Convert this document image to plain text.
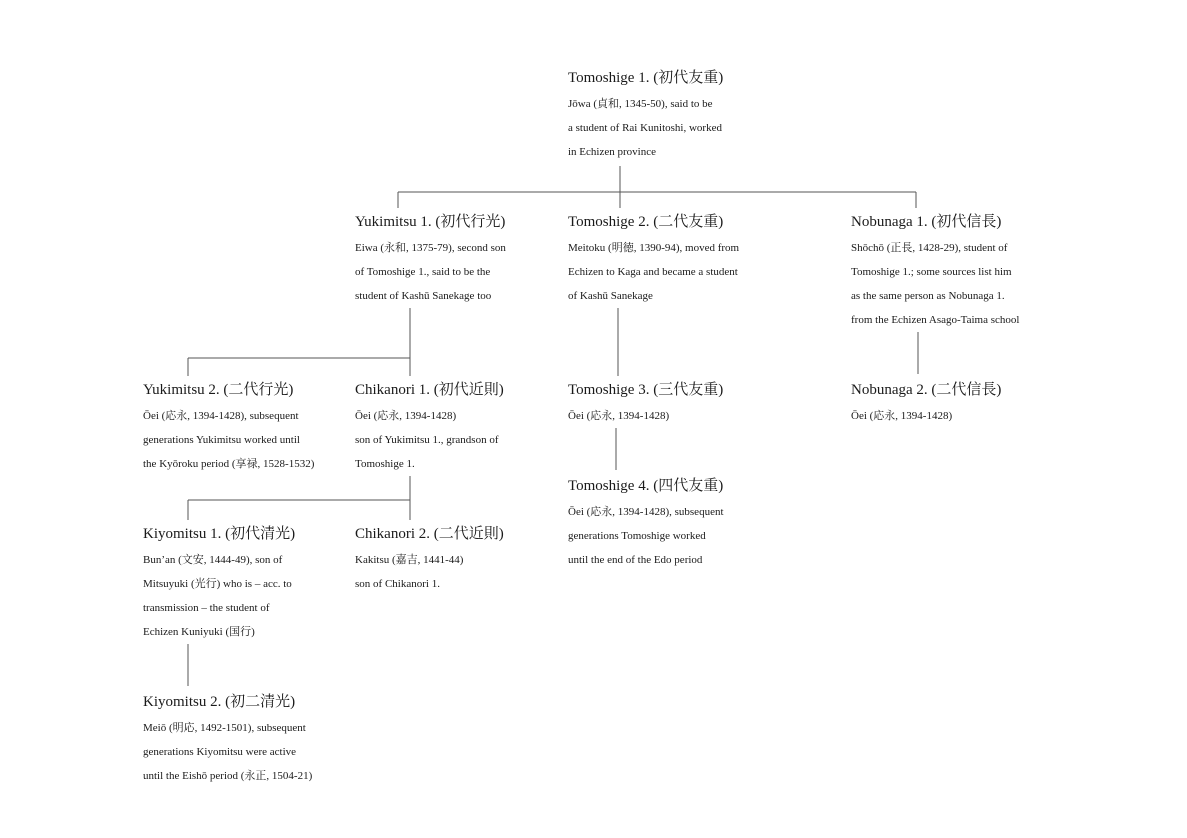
Tomoshige 1. (初代友重)
Jōwa (貞和, 1345-50), said to be
a student of Rai Kunitoshi, worked
in Echizen province
Yukimitsu 1. (初代行光)
Eiwa (永和, 1375-79), second son
of Tomoshige 1., said to be the
student of Kashū Sanekage too
Tomoshige 2. (二代友重)
Meitoku (明徳, 1390-94), moved from
Echizen to Kaga and became a student
of Kashū Sanekage
Nobunaga 1. (初代信長)
Shōchō (正長, 1428-29), student of
Tomoshige 1.; some sources list him
as the same person as Nobunaga 1.
from the Echizen Asago-Taima school
Yukimitsu 2. (二代行光)
Ōei (応永, 1394-1428), subsequent
generations Yukimitsu worked until
the Kyōroku period (享禄, 1528-1532)
Chikanori 1. (初代近則)
Ōei (応永, 1394-1428)
son of Yukimitsu 1., grandson of
Tomoshige 1.
Tomoshige 3. (三代友重)
Ōei (応永, 1394-1428)
Nobunaga 2. (二代信長)
Ōei (応永, 1394-1428)
Tomoshige 4. (四代友重)
Ōei (応永, 1394-1428), subsequent
generations Tomoshige worked
until the end of the Edo period
Kiyomitsu 1. (初代清光)
Bun’an (文安, 1444-49), son of
Mitsuyuki (光行) who is – acc. to
transmission – the student of
Echizen Kuniyuki (国行)
Chikanori 2. (二代近則)
Kakitsu (嘉吉, 1441-44)
son of Chikanori 1.
Kiyomitsu 2. (初二清光)
Meiō (明応, 1492-1501), subsequent
generations Kiyomitsu were active
until the Eishō period (永正, 1504-21)
